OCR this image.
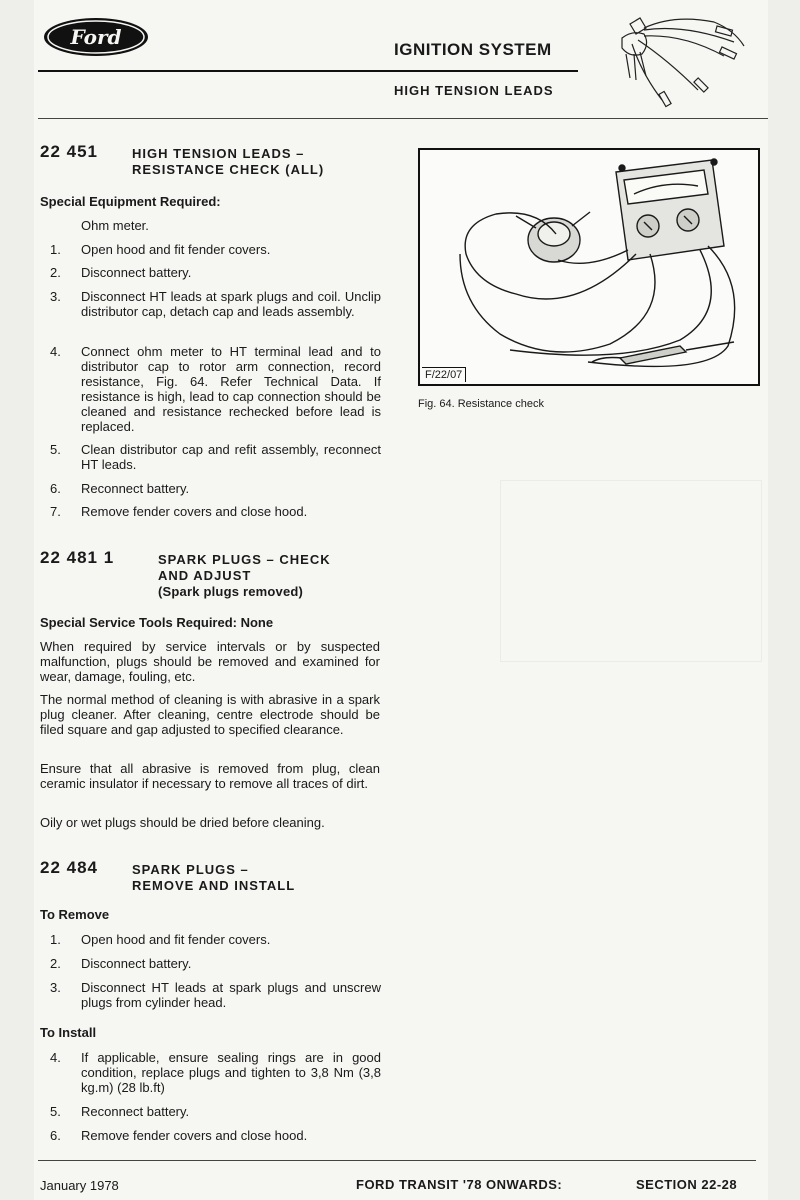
Ford
IGNITION SYSTEM
HIGH TENSION LEADS
22 451	HIGH TENSION LEADS –
RESISTANCE CHECK (ALL)
Special Equipment Required:
Ohm meter.
1.	Open hood and fit fender covers.
2.	Disconnect battery.
3.	Disconnect HT leads at spark plugs and coil. Unclip distributor cap, detach cap and leads assembly.
4.	Connect ohm meter to HT terminal lead and to distributor cap to rotor arm connection, record resistance, Fig. 64. Refer Technical Data. If resistance is high, lead to cap connection should be cleaned and resistance rechecked before lead is replaced.
5.	Clean distributor cap and refit assembly, reconnect HT leads.
6.	Reconnect battery.
7.	Remove fender covers and close hood.
22 481 1	SPARK PLUGS – CHECK
AND ADJUST
(Spark plugs removed)
Special Service Tools Required: None
When required by service intervals or by suspected malfunction, plugs should be removed and examined for wear, damage, fouling, etc.
The normal method of cleaning is with abrasive in a spark plug cleaner. After cleaning, centre electrode should be filed square and gap adjusted to specified clearance.
Ensure that all abrasive is removed from plug, clean ceramic insulator if necessary to remove all traces of dirt.
Oily or wet plugs should be dried before cleaning.
22 484	SPARK PLUGS –
REMOVE AND INSTALL
To Remove
1.	Open hood and fit fender covers.
2.	Disconnect battery.
3.	Disconnect HT leads at spark plugs and unscrew plugs from cylinder head.
To Install
4.	If applicable, ensure sealing rings are in good condition, replace plugs and tighten to 3,8 Nm (3,8 kg.m) (28 lb.ft)
5.	Reconnect battery.
6.	Remove fender covers and close hood.
F/22/07
Fig. 64. Resistance check
January 1978	FORD TRANSIT '78 ONWARDS:	SECTION 22-28
